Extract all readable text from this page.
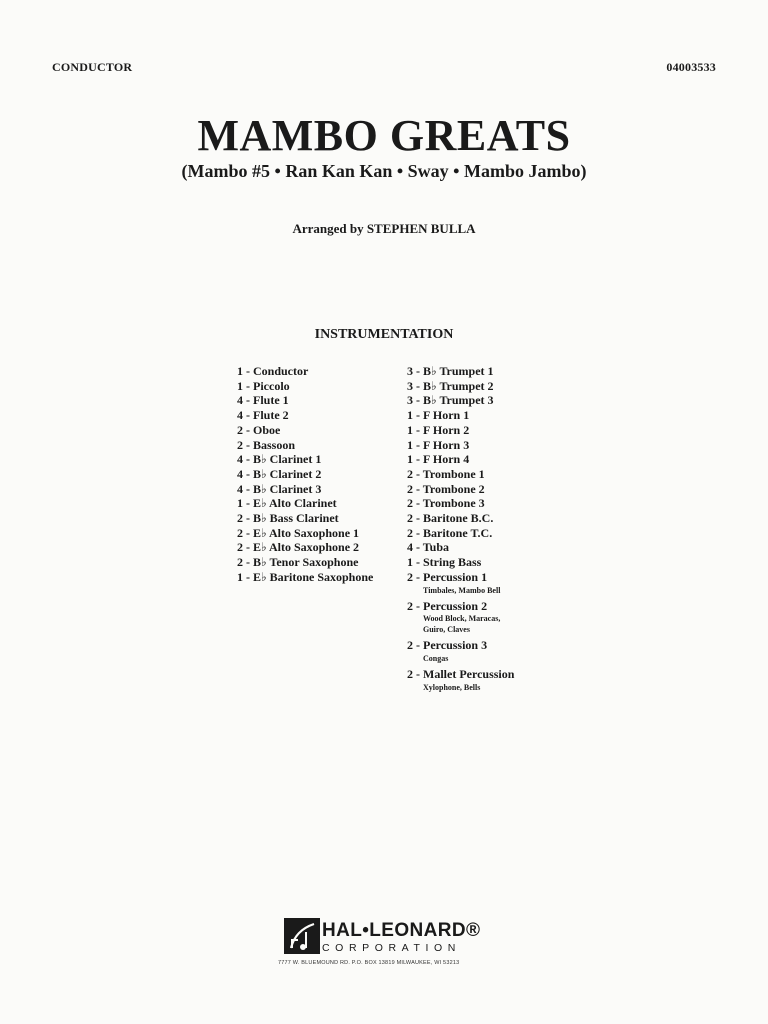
CONDUCTOR	04003533
MAMBO GREATS
(Mambo #5 • Ran Kan Kan • Sway • Mambo Jambo)
Arranged by STEPHEN BULLA
INSTRUMENTATION
1 - Conductor
1 - Piccolo
4 - Flute 1
4 - Flute 2
2 - Oboe
2 - Bassoon
4 - B♭ Clarinet 1
4 - B♭ Clarinet 2
4 - B♭ Clarinet 3
1 - E♭ Alto Clarinet
2 - B♭ Bass Clarinet
2 - E♭ Alto Saxophone 1
2 - E♭ Alto Saxophone 2
2 - B♭ Tenor Saxophone
1 - E♭ Baritone Saxophone
3 - B♭ Trumpet 1
3 - B♭ Trumpet 2
3 - B♭ Trumpet 3
1 - F Horn 1
1 - F Horn 2
1 - F Horn 3
1 - F Horn 4
2 - Trombone 1
2 - Trombone 2
2 - Trombone 3
2 - Baritone B.C.
2 - Baritone T.C.
4 - Tuba
1 - String Bass
2 - Percussion 1
Timbales, Mambo Bell
2 - Percussion 2
Wood Block, Maracas,
Guiro, Claves
2 - Percussion 3
Congas
2 - Mallet Percussion
Xylophone, Bells
HAL•LEONARD®
CORPORATION
7777 W. BLUEMOUND RD. P.O. BOX 13819 MILWAUKEE, WI 53213
